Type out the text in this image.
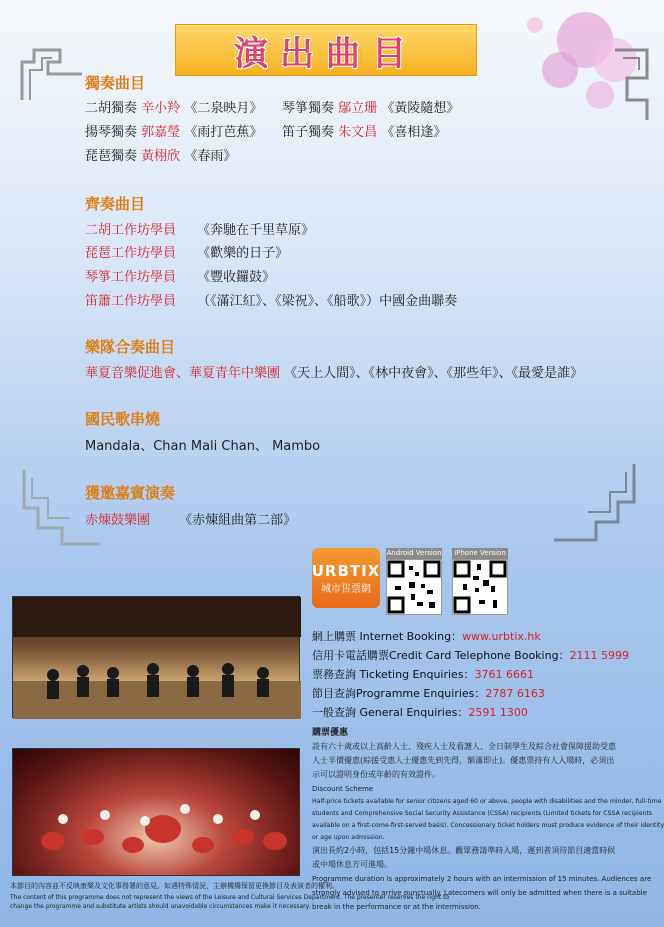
演出曲目
獨奏曲目
二胡獨奏 辛小羚 《二泉映月》 琴箏獨奏 鄔立珊 《黃陵隨想》
揚琴獨奏 郭嘉瑩 《雨打芭蕉》 笛子獨奏 朱文昌 《喜相逢》
琵琶獨奏 黃栩欣 《春雨》
齊奏曲目
二胡工作坊學員 《奔馳在千里草原》
琵琶工作坊學員 《歡樂的日子》
琴箏工作坊學員 《豐收鑼鼓》
笛簫工作坊學員 （《滿江紅》、《梁祝》、《船歌》）中國金曲聯奏
樂隊合奏曲目
華夏音樂促進會、華夏青年中樂團 《天上人間》、《林中夜會》、《那些年》、《最愛是誰》
國民歌串燒
Mandala、Chan Mali Chan、 Mambo
獲邀嘉賓演奏
赤煉鼓樂團 《赤煉組曲第二部》
本節目的內容並不反映康樂及文化事務署的意見。如遇特殊情況，主辦機構保留更換節目及表演者的權利。
The content of this programme does not represent the views of the Leisure and Cultural Services Department. The presenter reserves the right to
change the programme and substitute artists should unavoidable circumstances make it necessary.
URBTIX
城市售票網
Android Version	iPhone Version
網上購票 Internet Booking：www.urbtix.hk
信用卡電話購票Credit Card Telephone Booking：2111 5999
票務查詢 Ticketing Enquiries：3761 6661
節目查詢Programme Enquiries：2787 6163
一般查詢 General Enquiries：2591 1300
購票優惠
設有六十歲或以上高齡人士、殘疾人士及看護人、全日制學生及綜合社會保障援助受惠
人士半價優惠(綜援受惠人士優惠先到先得，額滿即止)。優惠票持有人入場時，必須出
示可以證明身份或年齡的有效證件。
Discount Scheme
Half-price tickets available for senior citizens aged 60 or above, people with disabilities and the minder, full-time
students and Comprehensive Social Security Assistance (CSSA) recipients (Limited tickets for CSSA recipients
available on a first-come-first-served basis). Concessionary ticket holders must produce evidence of their identity
or age upon admission.
演出長約2小時，包括15分鐘中場休息。觀眾務請準時入場，遲到者須待節目適當時候
或中場休息方可進場。
Programme duration is approximately 2 hours with an intermission of 15 minutes. Audiences are
strongly advised to arrive punctually. Latecomers will only be admitted when there is a suitable
break in the performance or at the intermission.
